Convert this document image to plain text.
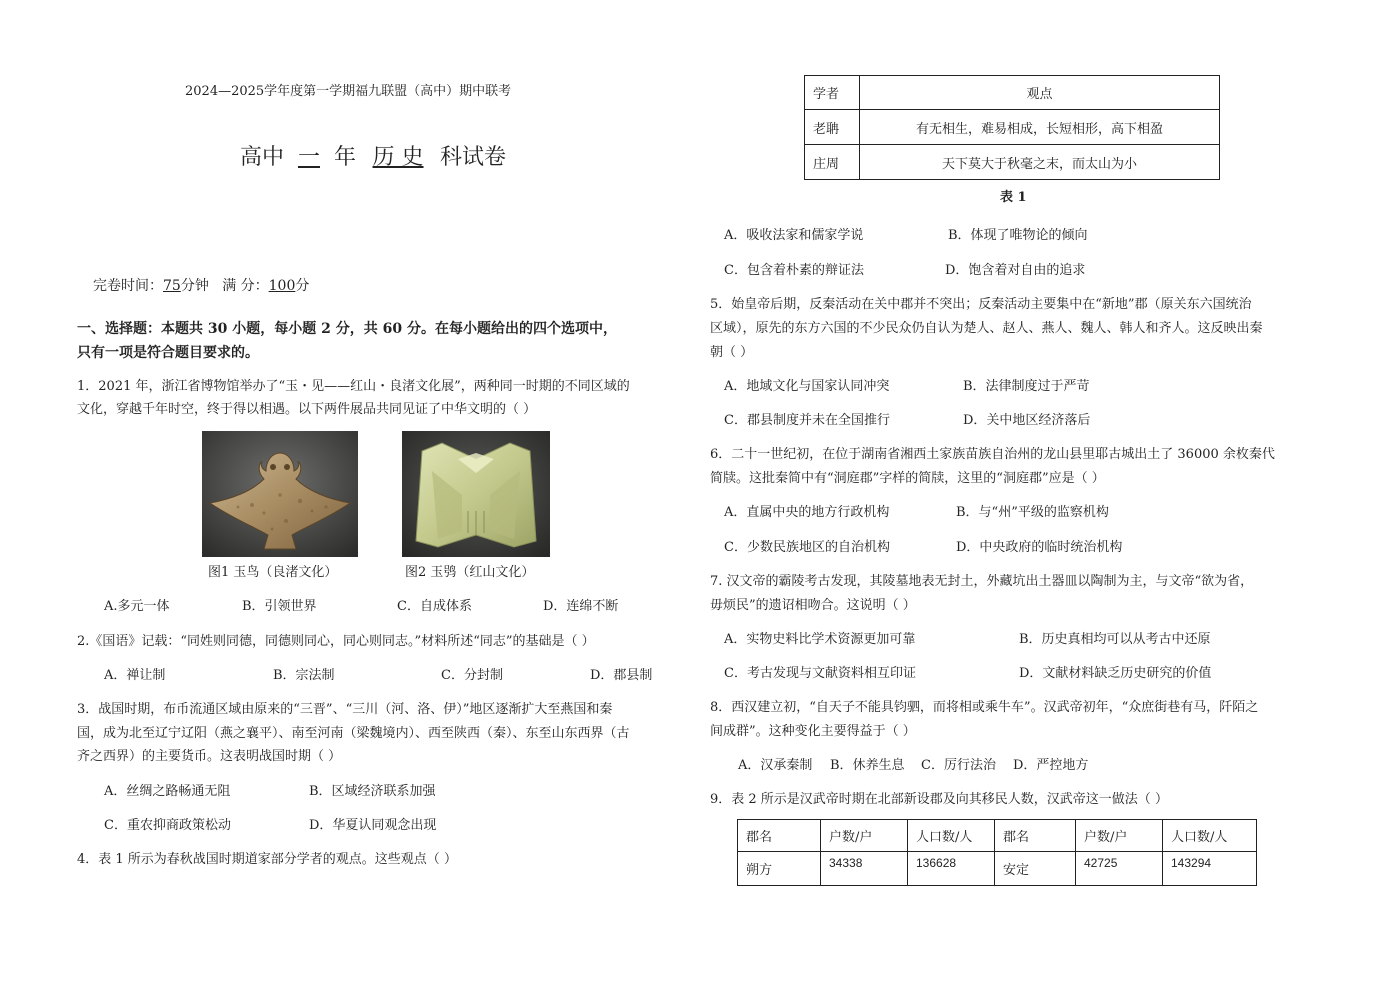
2024—2025学年度第一学期福九联盟（高中）期中联考
高中 一 年 历 史 科试卷
完卷时间：75分钟 满 分：100分
一、选择题：本题共 30 小题，每小题 2 分，共 60 分。在每小题给出的四个选项中，
只有一项是符合题目要求的。
1．2021 年，浙江省博物馆举办了“玉・见——红山・良渚文化展”，两种同一时期的不同区域的
文化，穿越千年时空，终于得以相遇。以下两件展品共同见证了中华文明的（ ）
图1 玉鸟（良渚文化）	图2 玉鸮（红山文化）
A.多元一体	B．引领世界	C．自成体系	D．连绵不断
2.《国语》记载：“同姓则同德，同德则同心，同心则同志。”材料所述“同志”的基础是（ ）
A．禅让制	B．宗法制	C．分封制	D．郡县制
3．战国时期，布币流通区域由原来的“三晋”、“三川（河、洛、伊）”地区逐渐扩大至燕国和秦
国，成为北至辽宁辽阳（燕之襄平）、南至河南（梁魏境内）、西至陕西（秦）、东至山东西界（古
齐之西界）的主要货币。这表明战国时期（ ）
A．丝绸之路畅通无阻	B．区域经济联系加强
C．重农抑商政策松动	D．华夏认同观念出现
4．表 1 所示为春秋战国时期道家部分学者的观点。这些观点（ ）
学者	观点
老聃	有无相生，难易相成，长短相形，高下相盈
庄周	天下莫大于秋毫之末，而太山为小
表 1
A．吸收法家和儒家学说	B．体现了唯物论的倾向
C．包含着朴素的辩证法	D．饱含着对自由的追求
5．始皇帝后期，反秦活动在关中郡并不突出；反秦活动主要集中在“新地”郡（原关东六国统治
区域），原先的东方六国的不少民众仍自认为楚人、赵人、燕人、魏人、韩人和齐人。这反映出秦
朝（ ）
A．地域文化与国家认同冲突	B．法律制度过于严苛
C．郡县制度并未在全国推行	D．关中地区经济落后
6．二十一世纪初，在位于湖南省湘西土家族苗族自治州的龙山县里耶古城出土了 36000 余枚秦代
简牍。这批秦简中有“洞庭郡”字样的简牍，这里的“洞庭郡”应是（ ）
A．直属中央的地方行政机构	B．与“州”平级的监察机构
C．少数民族地区的自治机构	D．中央政府的临时统治机构
7. 汉文帝的霸陵考古发现，其陵墓地表无封土，外藏坑出土器皿以陶制为主，与文帝“欲为省，
毋烦民”的遗诏相吻合。这说明（ ）
A．实物史料比学术资源更加可靠	B．历史真相均可以从考古中还原
C．考古发现与文献资料相互印证	D．文献材料缺乏历史研究的价值
8．西汉建立初，“自天子不能具钧驷，而将相或乘牛车”。汉武帝初年，“众庶街巷有马，阡陌之
间成群”。这种变化主要得益于（ ）
A．汉承秦制 B．休养生息 C．厉行法治 D．严控地方
9．表 2 所示是汉武帝时期在北部新设郡及向其移民人数，汉武帝这一做法（ ）
郡名	户数/户	人口数/人	郡名	户数/户	人口数/人
朔方	34338	136628	安定	42725	143294
